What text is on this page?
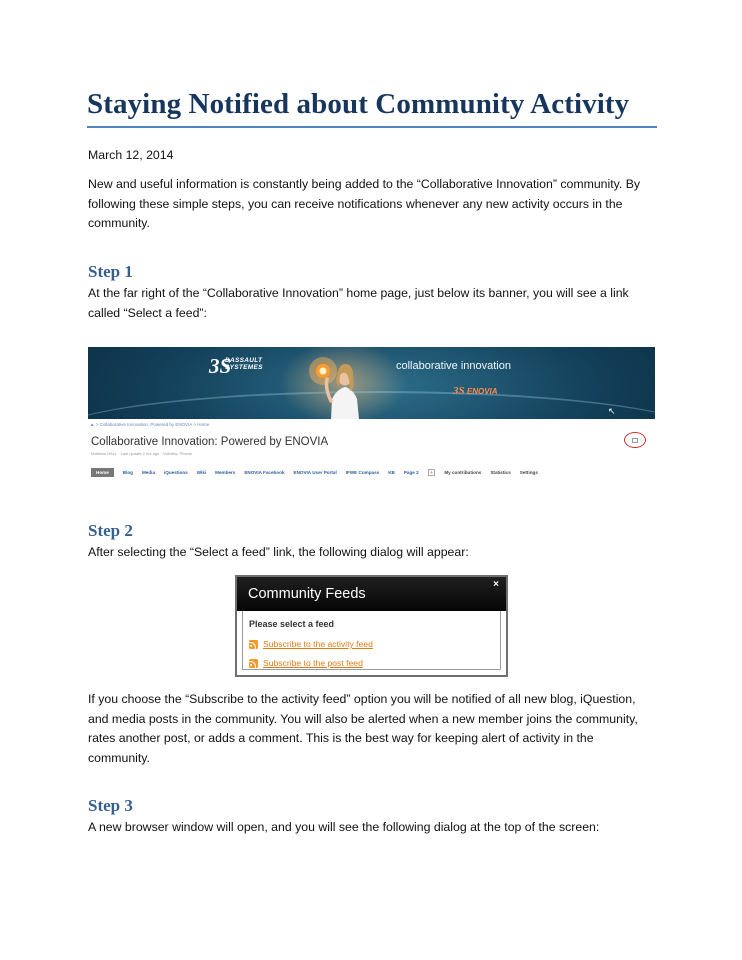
Staying Notified about Community Activity

March 12, 2014

New and useful information is constantly being added to the “Collaborative Innovation” community. By following these simple steps, you can receive notifications whenever any new activity occurs in the community.

Step 1

At the far right of the “Collaborative Innovation” home page, just below its banner, you will see a link called “Select a feed”:

3S
DASSAULT
SYSTEMES	collaborative innovation
3S ENOVIA
↖
▲ > Collaborative Innovation: Powered by ENOVIA > Home
Collaborative Innovation: Powered by ENOVIA
Matthew HALL · Last update 2 hrs ago · Visibility: Private
Home	Blog Media iQuestions Wiki Members ENOVIA Facebook ENOVIA User Portal IFWE Compass KB Page 2	+	My contributions Statistics Settings
Step 2

After selecting the “Select a feed” link, the following dialog will appear:

Community Feeds
×
Please select a feed
Subscribe to the activity feed
Subscribe to the post feed

If you choose the “Subscribe to the activity feed” option you will be notified of all new blog, iQuestion, and media posts in the community. You will also be alerted when a new member joins the community, rates another post, or adds a comment. This is the best way for keeping alert of activity in the community.

Step 3

A new browser window will open, and you will see the following dialog at the top of the screen:
